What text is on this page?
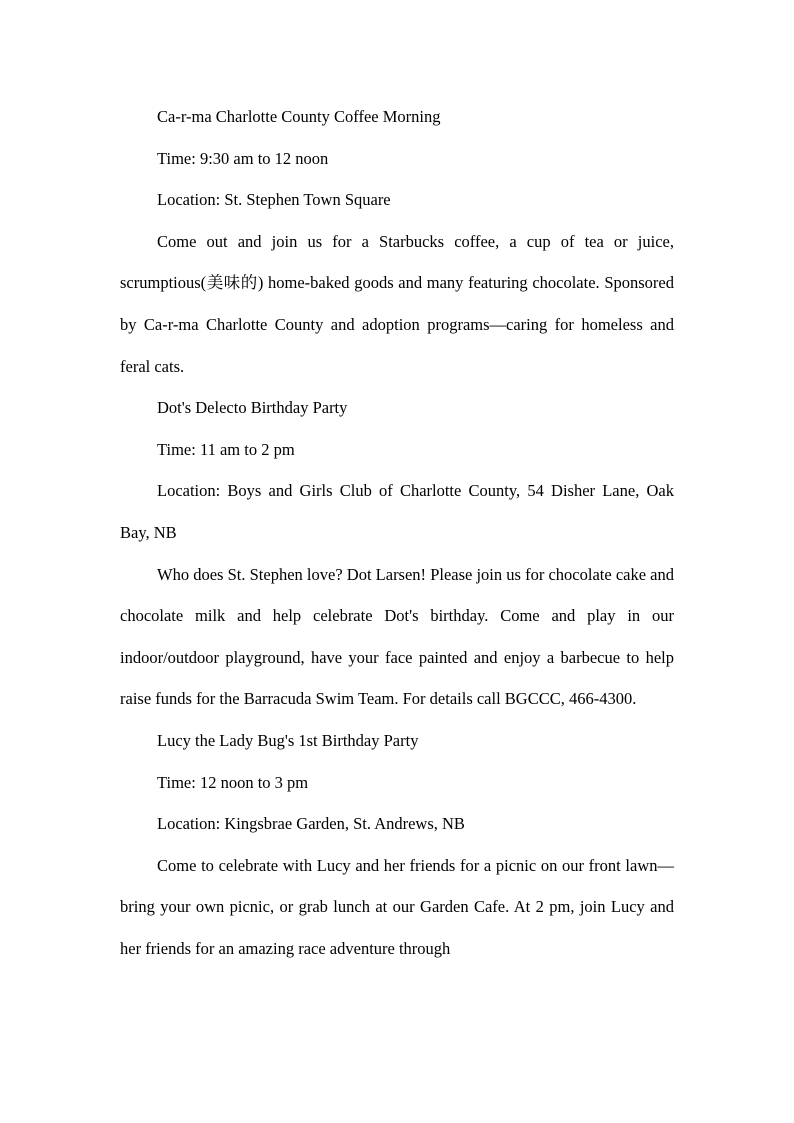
Ca-r-ma Charlotte County Coffee Morning

Time: 9:30 am to 12 noon

Location: St. Stephen Town Square

Come out and join us for a Starbucks coffee, a cup of tea or juice, scrumptious(美味的) home-baked goods and many featuring chocolate. Sponsored by Ca-r-ma Charlotte County and adoption programs—caring for homeless and feral cats.

Dot's Delecto Birthday Party

Time: 11 am to 2 pm

Location: Boys and Girls Club of Charlotte County, 54 Disher Lane, Oak Bay, NB

Who does St. Stephen love? Dot Larsen! Please join us for chocolate cake and chocolate milk and help celebrate Dot's birthday. Come and play in our indoor/outdoor playground, have your face painted and enjoy a barbecue to help raise funds for the Barracuda Swim Team. For details call BGCCC, 466-4300.

Lucy the Lady Bug's 1st Birthday Party

Time: 12 noon to 3 pm

Location: Kingsbrae Garden, St. Andrews, NB

Come to celebrate with Lucy and her friends for a picnic on our front lawn—bring your own picnic, or grab lunch at our Garden Cafe. At 2 pm, join Lucy and her friends for an amazing race adventure through
